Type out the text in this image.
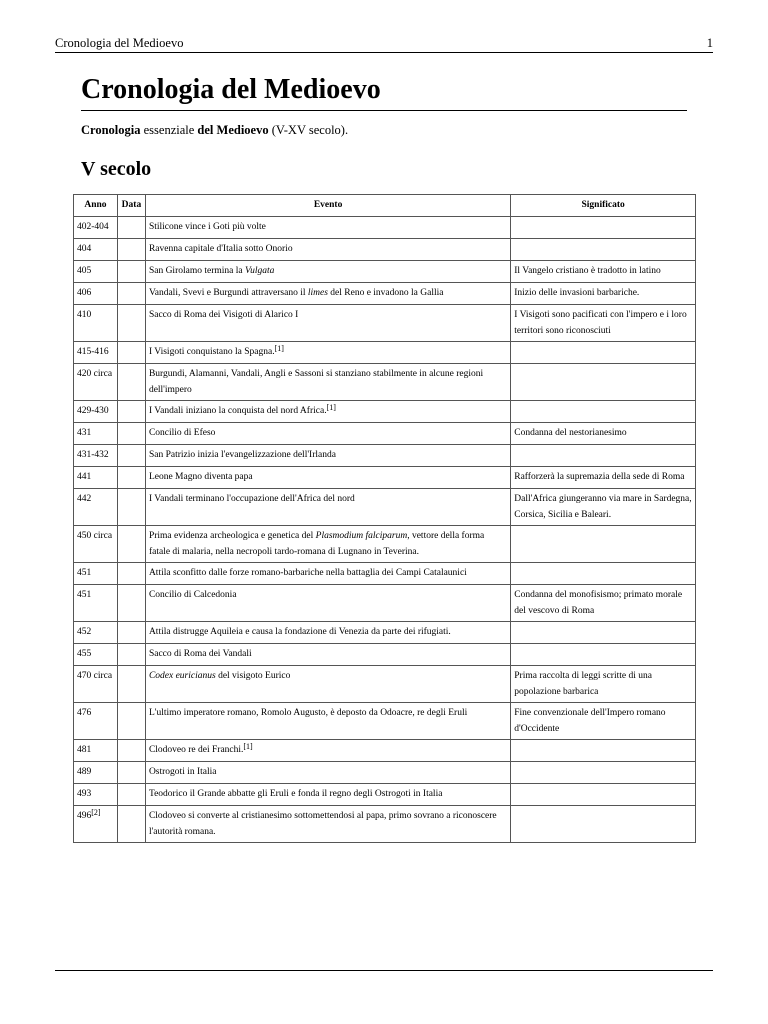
Cronologia del Medioevo	1
Cronologia del Medioevo

Cronologia essenziale del Medioevo (V-XV secolo).

V secolo
Anno	Data	Evento	Significato
402-404		Stilicone vince i Goti più volte	
404		Ravenna capitale d'Italia sotto Onorio	
405		San Girolamo termina la Vulgata	Il Vangelo cristiano è tradotto in latino
406		Vandali, Svevi e Burgundi attraversano il limes del Reno e invadono la Gallia	Inizio delle invasioni barbariche.
410		Sacco di Roma dei Visigoti di Alarico I	I Visigoti sono pacificati con l'impero e i loro territori sono riconosciuti
415-416		I Visigoti conquistano la Spagna.[1]	
420 circa		Burgundi, Alamanni, Vandali, Angli e Sassoni si stanziano stabilmente in alcune regioni dell'impero	
429-430		I Vandali iniziano la conquista del nord Africa.[1]	
431		Concilio di Efeso	Condanna del nestorianesimo
431-432		San Patrizio inizia l'evangelizzazione dell'Irlanda	
441		Leone Magno diventa papa	Rafforzerà la supremazia della sede di Roma
442		I Vandali terminano l'occupazione dell'Africa del nord	Dall'Africa giungeranno via mare in Sardegna, Corsica, Sicilia e Baleari.
450 circa		Prima evidenza archeologica e genetica del Plasmodium falciparum, vettore della forma fatale di malaria, nella necropoli tardo-romana di Lugnano in Teverina.	
451		Attila sconfitto dalle forze romano-barbariche nella battaglia dei Campi Catalaunici	
451		Concilio di Calcedonia	Condanna del monofisismo; primato morale del vescovo di Roma
452		Attila distrugge Aquileia e causa la fondazione di Venezia da parte dei rifugiati.	
455		Sacco di Roma dei Vandali	
470 circa		Codex euricianus del visigoto Eurico	Prima raccolta di leggi scritte di una popolazione barbarica
476		L'ultimo imperatore romano, Romolo Augusto, è deposto da Odoacre, re degli Eruli	Fine convenzionale dell'Impero romano d'Occidente
481		Clodoveo re dei Franchi.[1]	
489		Ostrogoti in Italia	
493		Teodorico il Grande abbatte gli Eruli e fonda il regno degli Ostrogoti in Italia	
496[2]		Clodoveo si converte al cristianesimo sottomettendosi al papa, primo sovrano a riconoscere l'autorità romana.	
